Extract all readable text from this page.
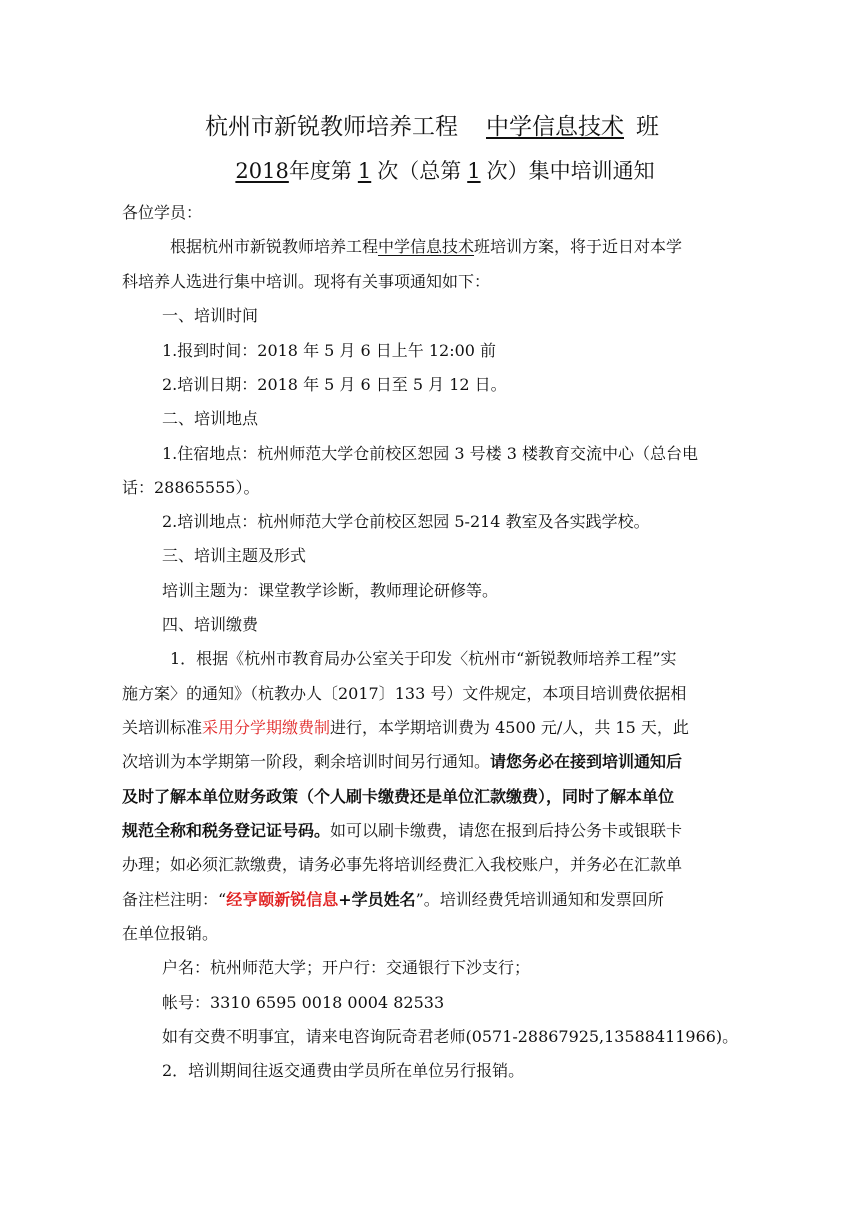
杭州市新锐教师培养工程 中学信息技术 班
2018年度第 1 次（总第 1 次）集中培训通知
各位学员：
根据杭州市新锐教师培养工程中学信息技术班培训方案，将于近日对本学
科培养人选进行集中培训。现将有关事项通知如下：
一、培训时间
1.报到时间：2018 年 5 月 6 日上午 12:00 前
2.培训日期：2018 年 5 月 6 日至 5 月 12 日。
二、培训地点
1.住宿地点：杭州师范大学仓前校区恕园 3 号楼 3 楼教育交流中心（总台电
话：28865555）。
2.培训地点：杭州师范大学仓前校区恕园 5-214 教室及各实践学校。
三、培训主题及形式
培训主题为：课堂教学诊断，教师理论研修等。
四、培训缴费
1．根据《杭州市教育局办公室关于印发〈杭州市“新锐教师培养工程”实
施方案〉的通知》（杭教办人〔2017〕133 号）文件规定，本项目培训费依据相
关培训标准采用分学期缴费制进行，本学期培训费为 4500 元/人，共 15 天，此
次培训为本学期第一阶段，剩余培训时间另行通知。请您务必在接到培训通知后
及时了解本单位财务政策（个人刷卡缴费还是单位汇款缴费），同时了解本单位
规范全称和税务登记证号码。如可以刷卡缴费，请您在报到后持公务卡或银联卡
办理；如必须汇款缴费，请务必事先将培训经费汇入我校账户，并务必在汇款单
备注栏注明：“经亨颐新锐信息+学员姓名”。培训经费凭培训通知和发票回所
在单位报销。
户名：杭州师范大学；开户行：交通银行下沙支行；
帐号：3310 6595 0018 0004 82533
如有交费不明事宜，请来电咨询阮奇君老师(0571-28867925,13588411966)。
2．培训期间往返交通费由学员所在单位另行报销。
